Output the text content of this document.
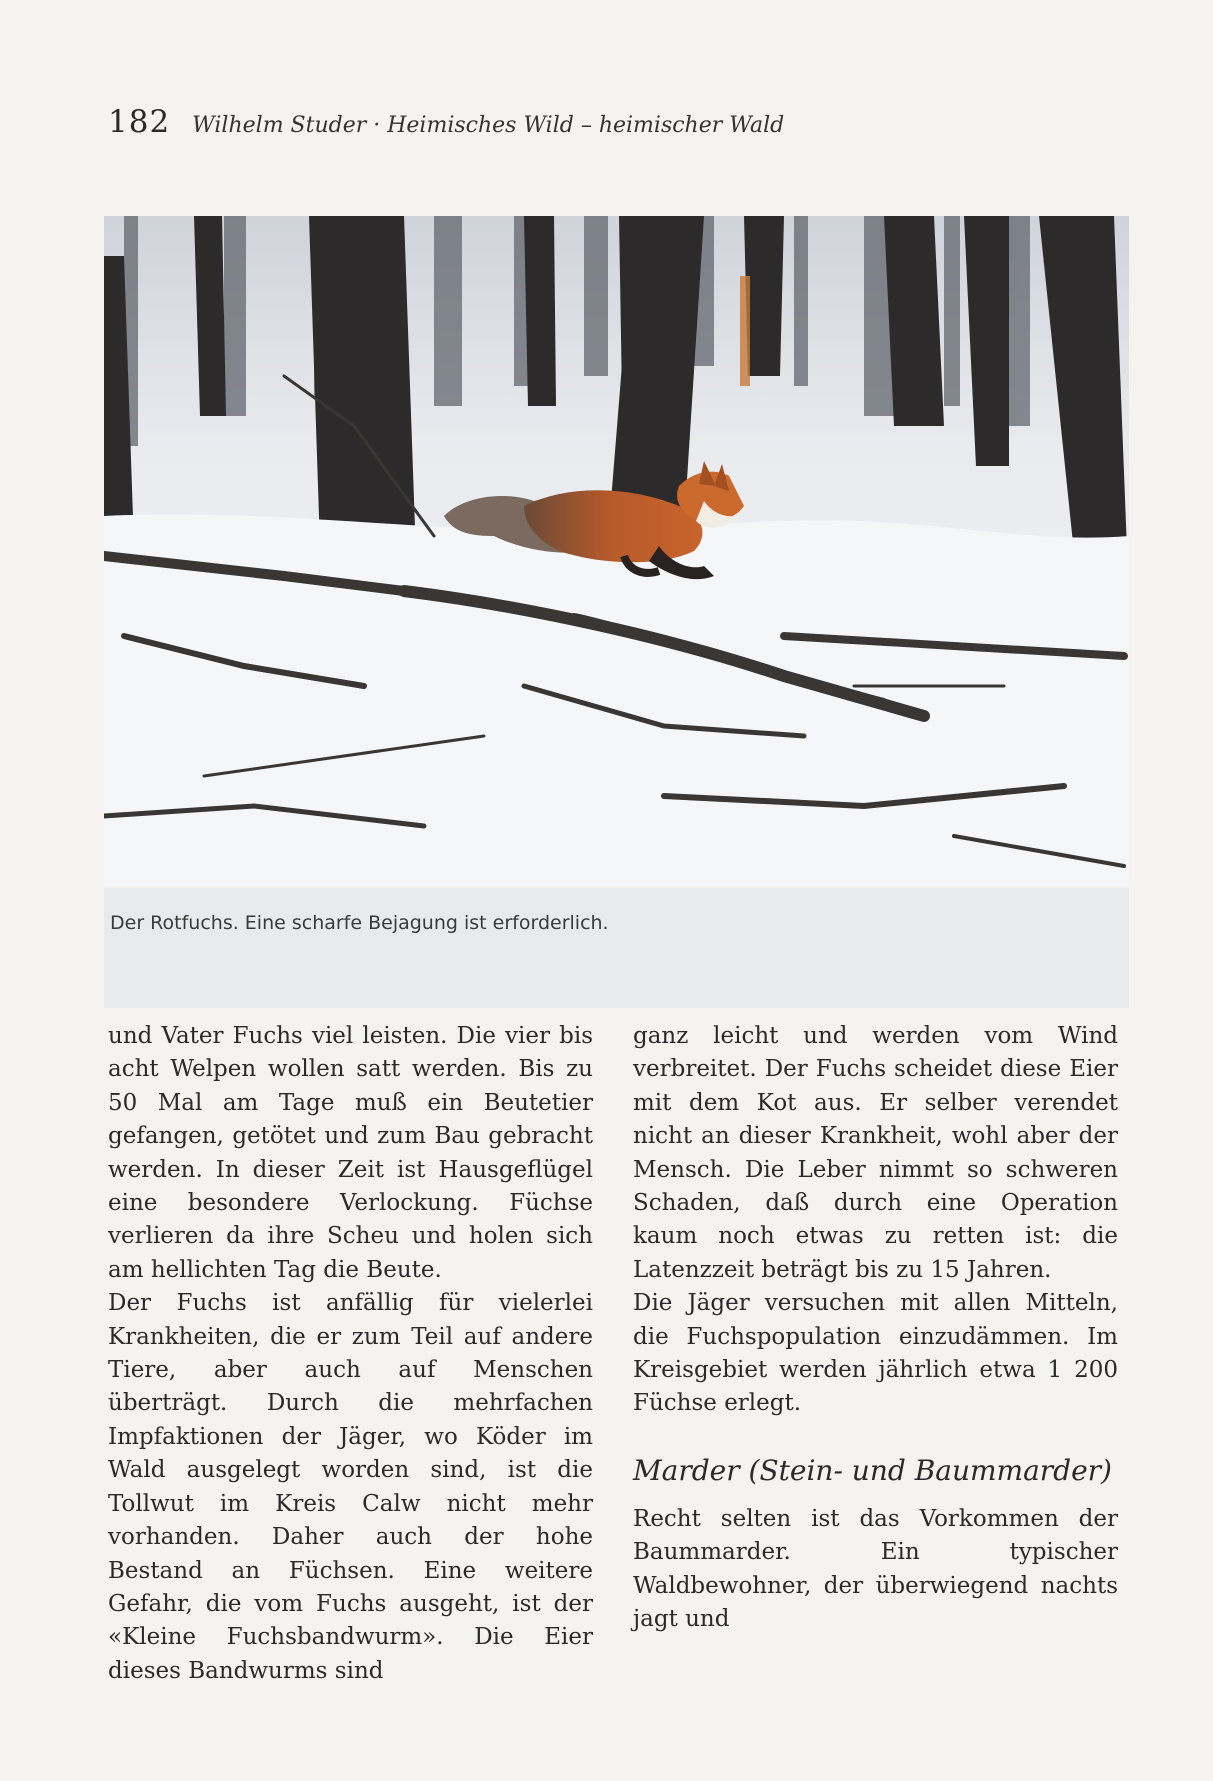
182 Wilhelm Studer · Heimisches Wild – heimischer Wald
Der Rotfuchs. Eine scharfe Bejagung ist erforderlich.

und Vater Fuchs viel leisten. Die vier bis acht Welpen wollen satt werden. Bis zu 50 Mal am Tage muß ein Beutetier gefangen, getötet und zum Bau gebracht werden. In dieser Zeit ist Hausgeflügel eine besondere Verlockung. Füchse verlieren da ihre Scheu und holen sich am hellichten Tag die Beute.

Der Fuchs ist anfällig für vielerlei Krankheiten, die er zum Teil auf andere Tiere, aber auch auf Menschen überträgt. Durch die mehrfachen Impfaktionen der Jäger, wo Köder im Wald ausgelegt worden sind, ist die Tollwut im Kreis Calw nicht mehr vorhanden. Daher auch der hohe Bestand an Füchsen. Eine weitere Gefahr, die vom Fuchs ausgeht, ist der «Kleine Fuchsbandwurm». Die Eier dieses Bandwurms sind

ganz leicht und werden vom Wind verbreitet. Der Fuchs scheidet diese Eier mit dem Kot aus. Er selber verendet nicht an dieser Krankheit, wohl aber der Mensch. Die Leber nimmt so schweren Schaden, daß durch eine Operation kaum noch etwas zu retten ist: die Latenzzeit beträgt bis zu 15 Jahren.

Die Jäger versuchen mit allen Mitteln, die Fuchspopulation einzudämmen. Im Kreisgebiet werden jährlich etwa 1 200 Füchse erlegt.

Marder (Stein- und Baummarder)

Recht selten ist das Vorkommen der Baummarder. Ein typischer Waldbewohner, der überwiegend nachts jagt und
